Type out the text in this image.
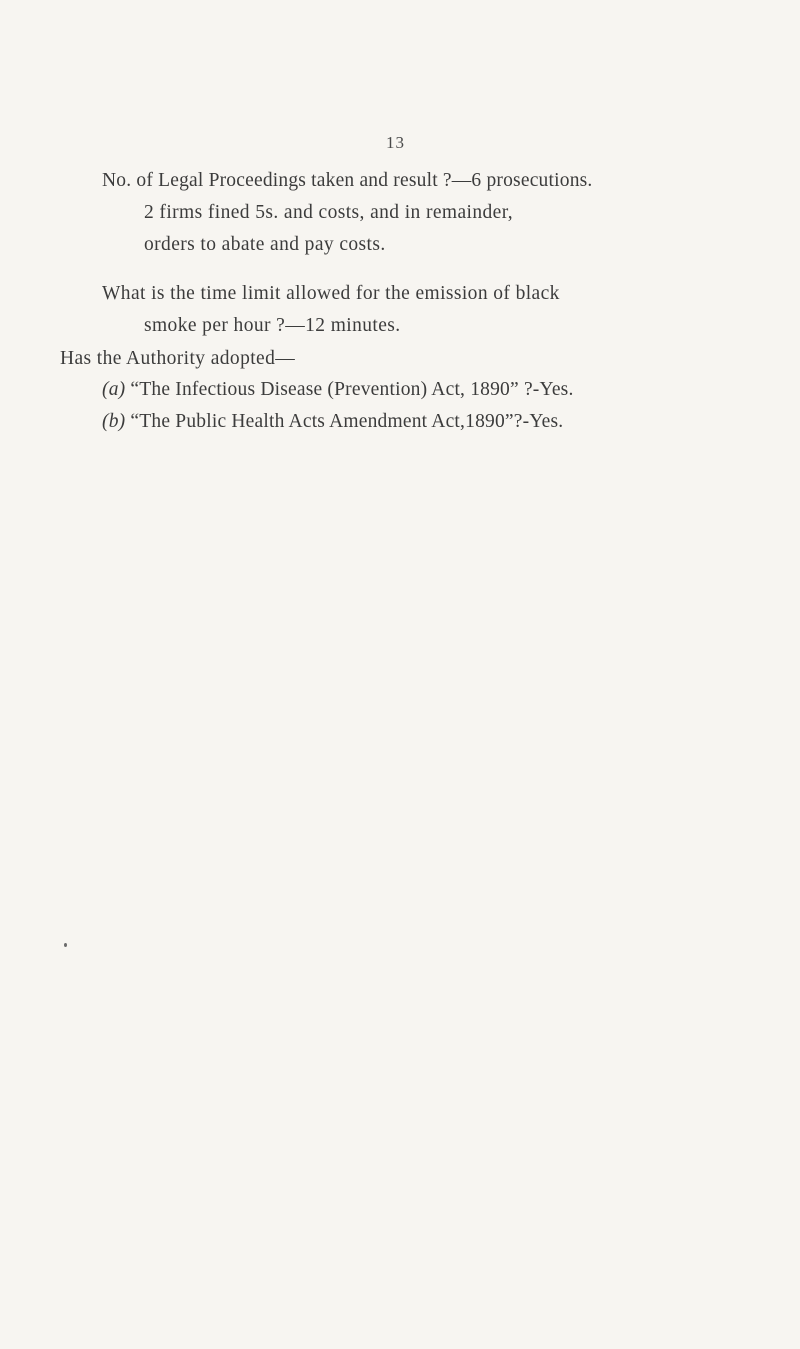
13
No. of Legal Proceedings taken and result ?—6 prosecutions.
2 firms fined 5s. and costs, and in remainder,
orders to abate and pay costs.
What is the time limit allowed for the emission of black
smoke per hour ?—12 minutes.
Has the Authority adopted—
(a) “The Infectious Disease (Prevention) Act, 1890” ?-Yes.
(b) “The Public Health Acts Amendment Act,1890”?-Yes.
